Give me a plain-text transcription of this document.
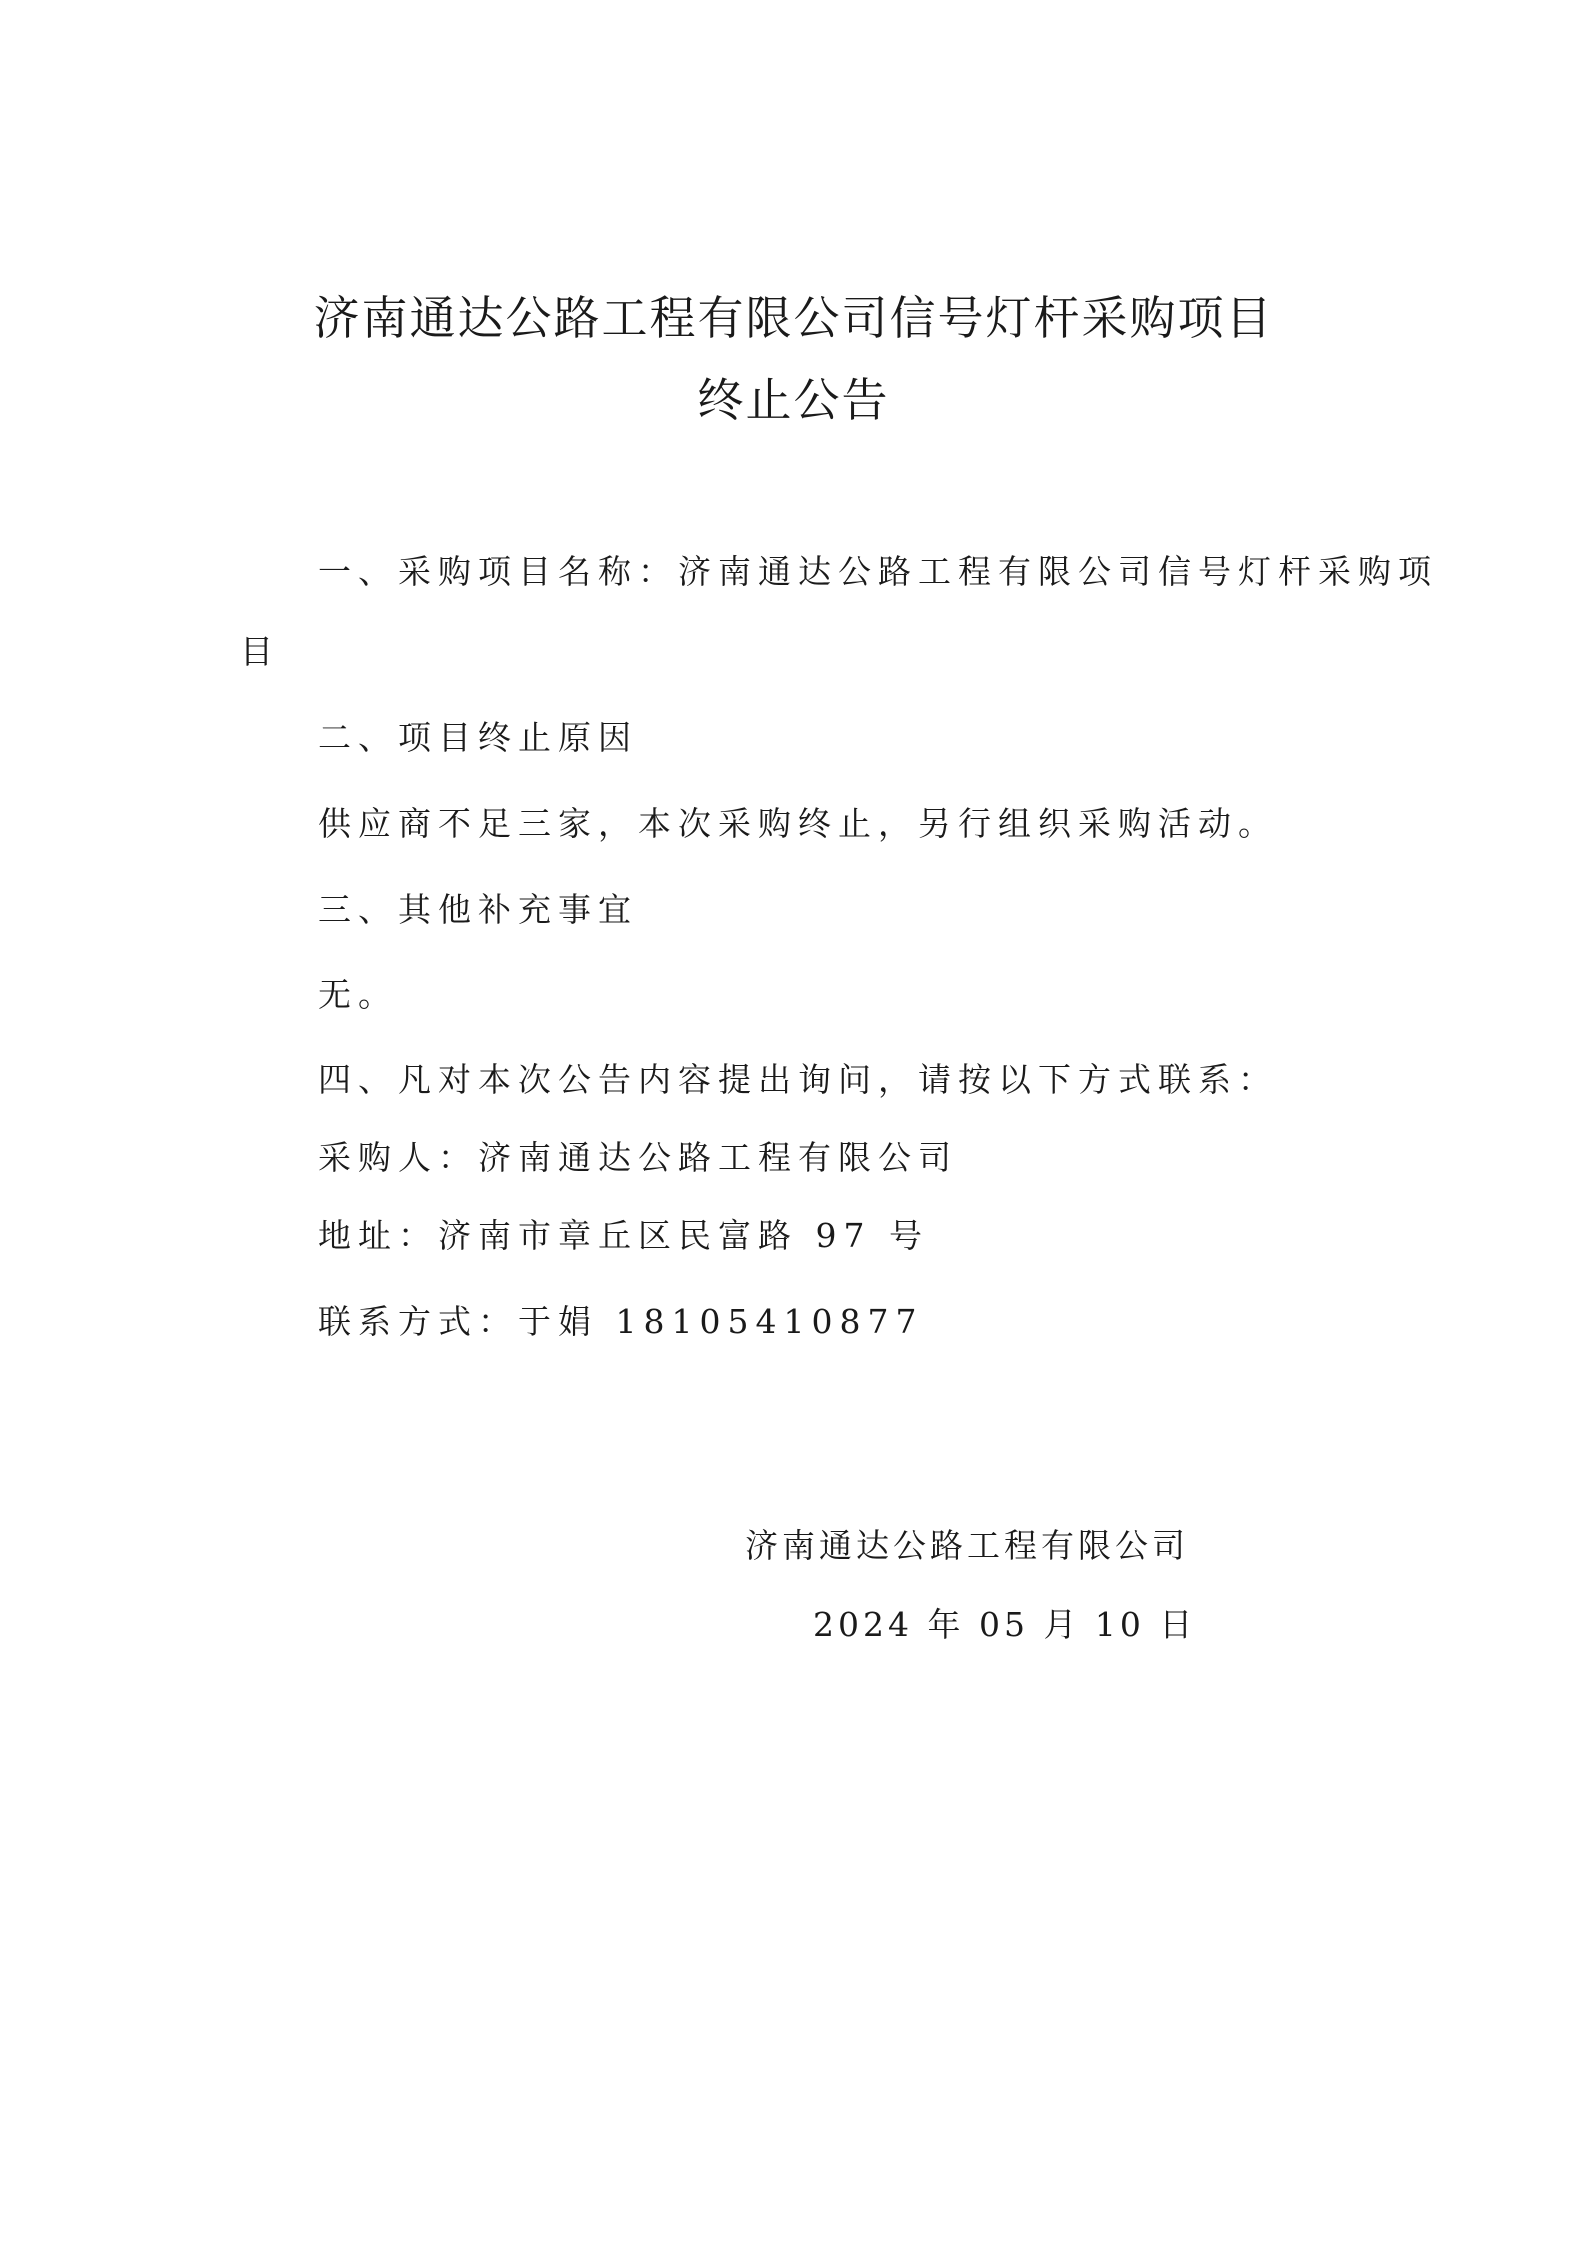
济南通达公路工程有限公司信号灯杆采购项目
终止公告
一、采购项目名称：济南通达公路工程有限公司信号灯杆采购项
目
二、项目终止原因
供应商不足三家，本次采购终止，另行组织采购活动。
三、其他补充事宜
无。
四、凡对本次公告内容提出询问，请按以下方式联系：
采购人：济南通达公路工程有限公司
地址：济南市章丘区民富路 97 号
联系方式：于娟 18105410877
济南通达公路工程有限公司
2024 年 05 月 10 日
